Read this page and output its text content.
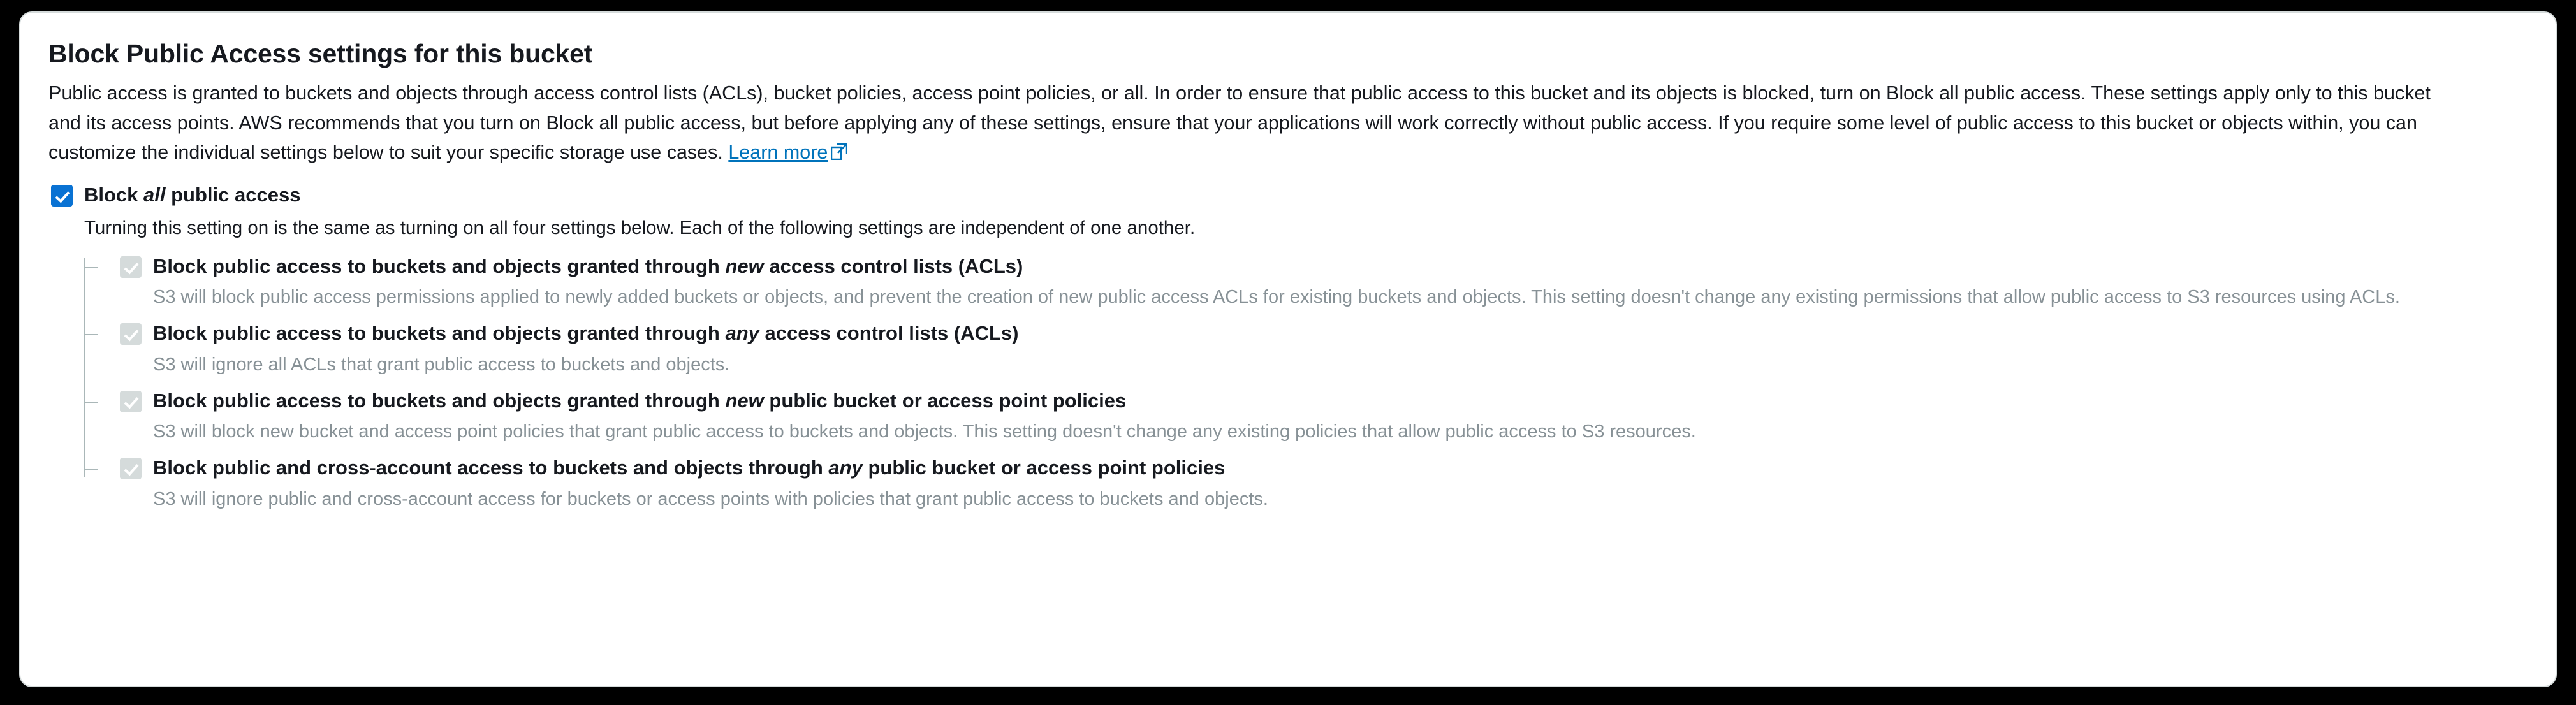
Block Public Access settings for this bucket

Public access is granted to buckets and objects through access control lists (ACLs), bucket policies, access point policies, or all. In order to ensure that public access to this bucket and its objects is blocked, turn on Block all public access. These settings apply only to this bucket and its access points. AWS recommends that you turn on Block all public access, but before applying any of these settings, ensure that your applications will work correctly without public access. If you require some level of public access to this bucket or objects within, you can customize the individual settings below to suit your specific storage use cases. Learn more

Block all public access
Turning this setting on is the same as turning on all four settings below. Each of the following settings are independent of one another.
Block public access to buckets and objects granted through new access control lists (ACLs)
S3 will block public access permissions applied to newly added buckets or objects, and prevent the creation of new public access ACLs for existing buckets and objects. This setting doesn't change any existing permissions that allow public access to S3 resources using ACLs.
Block public access to buckets and objects granted through any access control lists (ACLs)
S3 will ignore all ACLs that grant public access to buckets and objects.
Block public access to buckets and objects granted through new public bucket or access point policies
S3 will block new bucket and access point policies that grant public access to buckets and objects. This setting doesn't change any existing policies that allow public access to S3 resources.
Block public and cross-account access to buckets and objects through any public bucket or access point policies
S3 will ignore public and cross-account access for buckets or access points with policies that grant public access to buckets and objects.
